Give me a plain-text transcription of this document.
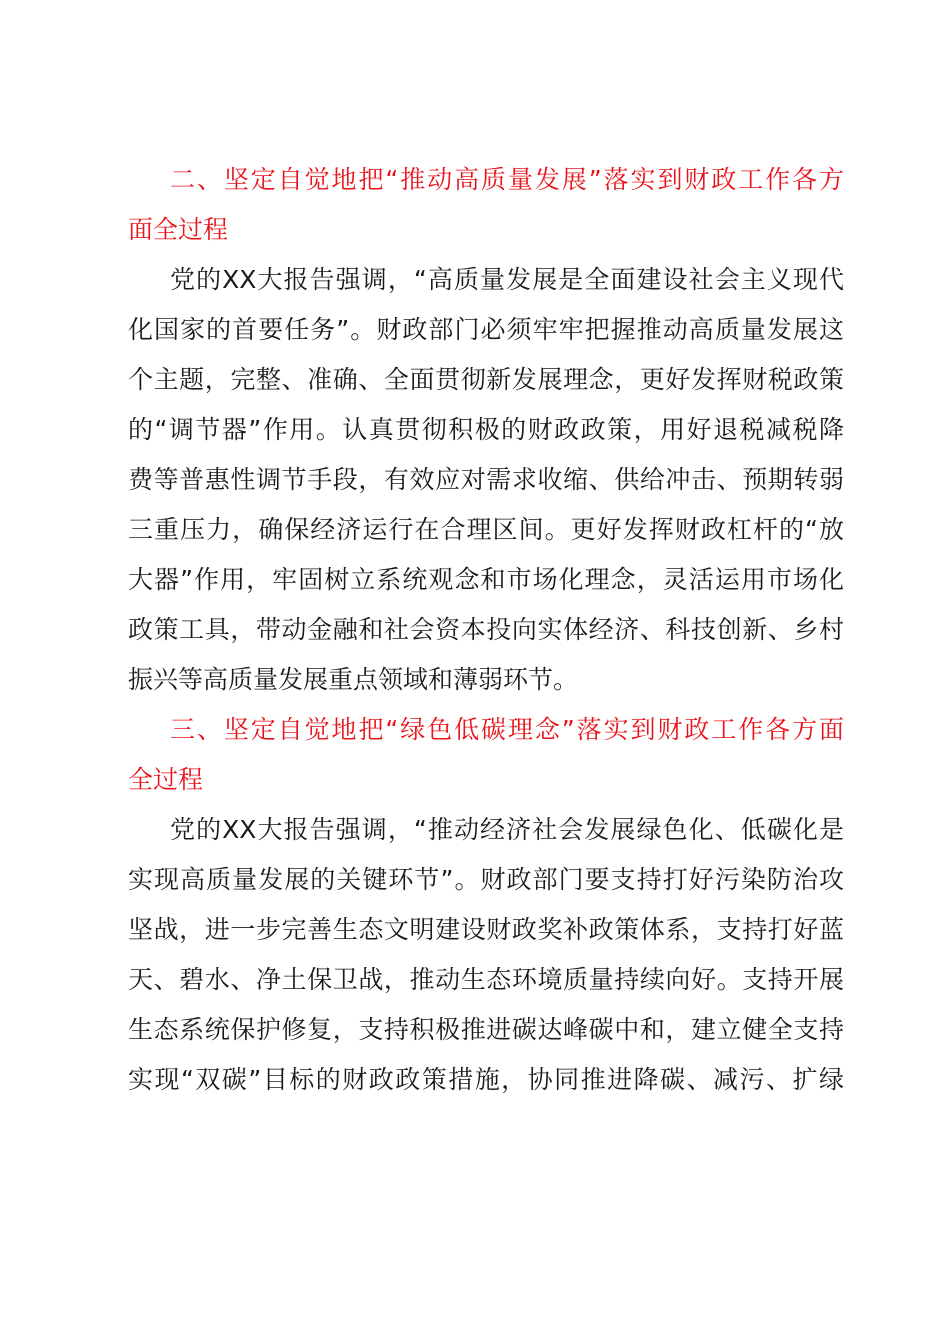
二、坚定自觉地把“推动高质量发展”落实到财政工作各方
面全过程
党的XX大报告强调，“高质量发展是全面建设社会主义现代
化国家的首要任务”。财政部门必须牢牢把握推动高质量发展这
个主题，完整、准确、全面贯彻新发展理念，更好发挥财税政策
的“调节器”作用。认真贯彻积极的财政政策，用好退税减税降
费等普惠性调节手段，有效应对需求收缩、供给冲击、预期转弱
三重压力，确保经济运行在合理区间。更好发挥财政杠杆的“放
大器”作用，牢固树立系统观念和市场化理念，灵活运用市场化
政策工具，带动金融和社会资本投向实体经济、科技创新、乡村
振兴等高质量发展重点领域和薄弱环节。
三、坚定自觉地把“绿色低碳理念”落实到财政工作各方面
全过程
党的XX大报告强调，“推动经济社会发展绿色化、低碳化是
实现高质量发展的关键环节”。财政部门要支持打好污染防治攻
坚战，进一步完善生态文明建设财政奖补政策体系，支持打好蓝
天、碧水、净土保卫战，推动生态环境质量持续向好。支持开展
生态系统保护修复，支持积极推进碳达峰碳中和，建立健全支持
实现“双碳”目标的财政政策措施，协同推进降碳、减污、扩绿
